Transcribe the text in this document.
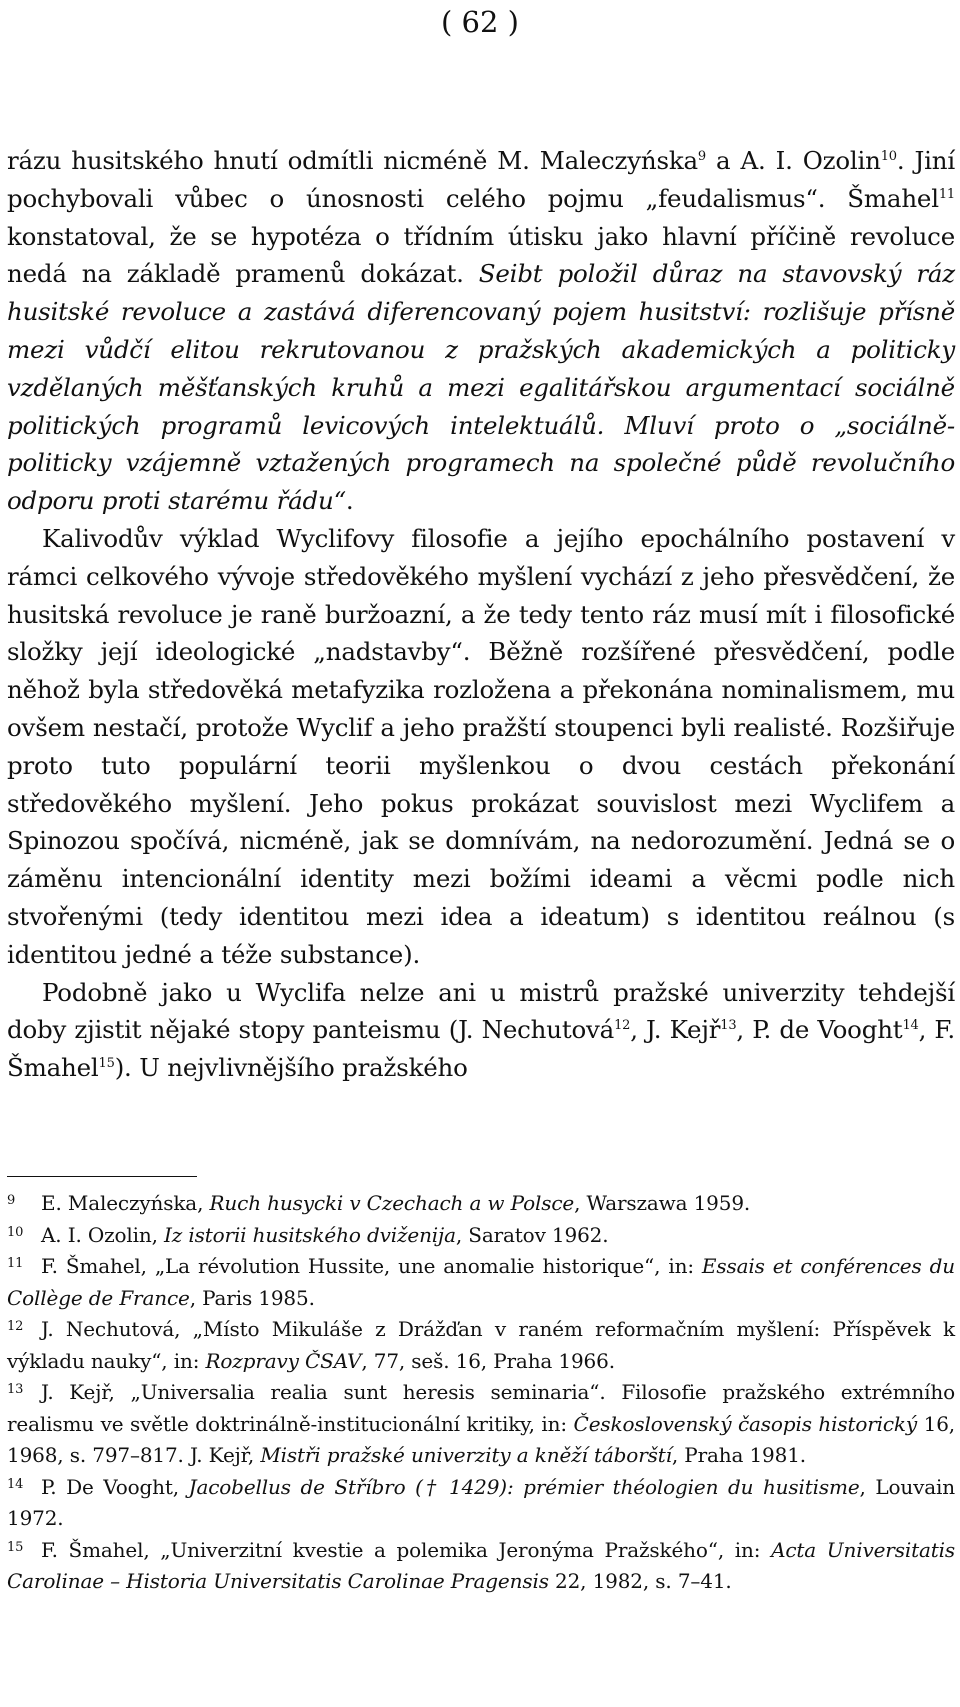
( 62 )

rázu husitského hnutí odmítli nicméně M. Maleczyńska$^9$ a A. I. Ozolin$^{10}$. Jiní pochybovali vůbec o únosnosti celého pojmu „feudalismus“. Šmahel$^{11}$ konstatoval, že se hypotéza o třídním útisku jako hlavní příčině revoluce nedá na základě pramenů dokázat. Seibt položil důraz na stavovský ráz husitské revoluce a zastává diferencovaný pojem husitství: rozlišuje přísně mezi vůdčí elitou rekrutovanou z pražských akademických a politicky vzdělaných měšťanských kruhů a mezi egalitářskou argumentací sociálně politických programů levicových intelektuálů. Mluví proto o „sociálně-politicky vzájemně vztažených programech na společné půdě revolučního odporu proti starému řádu“.

Kalivodův výklad Wyclifovy filosofie a jejího epochálního postavení v rámci celkového vývoje středověkého myšlení vychází z jeho přesvědčení, že husitská revoluce je raně buržoazní, a že tedy tento ráz musí mít i filosofické složky její ideologické „nadstavby“. Běžně rozšířené přesvědčení, podle něhož byla středověká metafyzika rozložena a překonána nominalismem, mu ovšem nestačí, protože Wyclif a jeho pražští stoupenci byli realisté. Rozšiřuje proto tuto populární teorii myšlenkou o dvou cestách překonání středověkého myšlení. Jeho pokus prokázat souvislost mezi Wyclifem a Spinozou spočívá, nicméně, jak se domnívám, na nedorozumění. Jedná se o záměnu intencionální identity mezi božími ideami a věcmi podle nich stvořenými (tedy identitou mezi idea a ideatum) s identitou reálnou (s identitou jedné a téže substance).

Podobně jako u Wyclifa nelze ani u mistrů pražské univerzity tehdejší doby zjistit nějaké stopy panteismu (J. Nechutová$^{12}$, J. Kejř$^{13}$, P. de Vooght$^{14}$, F. Šmahel$^{15}$). U nejvlivnějšího pražského

9 E. Maleczyńska, Ruch husycki v Czechach a w Polsce, Warszawa 1959.

10 A. I. Ozolin, Iz istorii husitského dviženija, Saratov 1962.

11 F. Šmahel, „La révolution Hussite, une anomalie historique“, in: Essais et conférences du Collège de France, Paris 1985.

12 J. Nechutová, „Místo Mikuláše z Drážďan v raném reformačním myšlení: Příspěvek k výkladu nauky“, in: Rozpravy ČSAV, 77, seš. 16, Praha 1966.

13 J. Kejř, „Universalia realia sunt heresis seminaria“. Filosofie pražského extrémního realismu ve světle doktrinálně-institucionální kritiky, in: Československý časopis historický 16, 1968, s. 797–817. J. Kejř, Mistři pražské univerzity a kněží táborští, Praha 1981.

14 P. De Vooght, Jacobellus de Stříbro († 1429): prémier théologien du husitisme, Louvain 1972.

15 F. Šmahel, „Univerzitní kvestie a polemika Jeronýma Pražského“, in: Acta Universitatis Carolinae – Historia Universitatis Carolinae Pragensis 22, 1982, s. 7–41.
